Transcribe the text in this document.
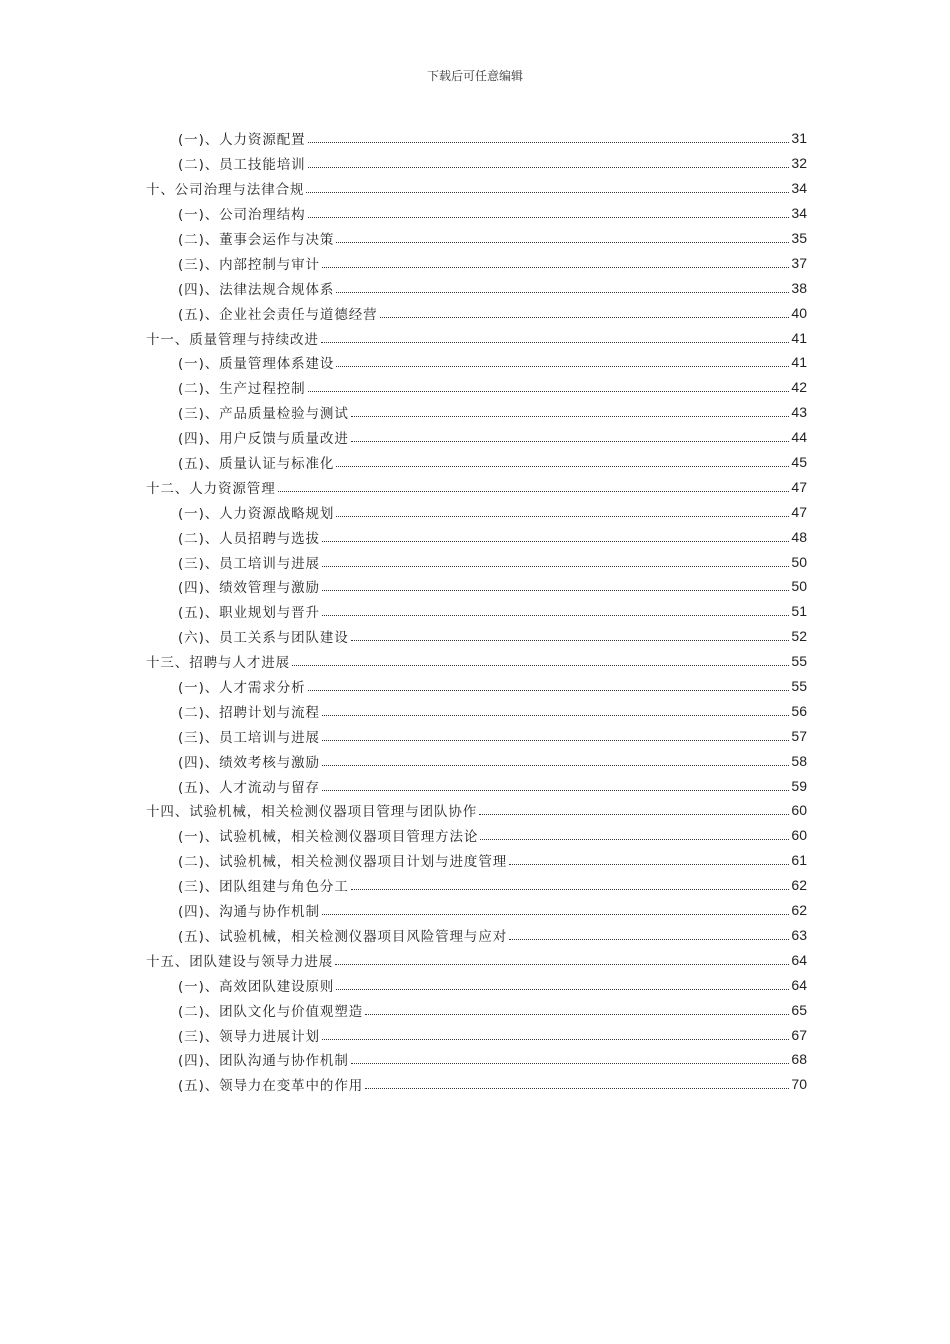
下载后可任意编辑
(一)、人力资源配置	31
(二)、员工技能培训	32
十、公司治理与法律合规	34
(一)、公司治理结构	34
(二)、董事会运作与决策	35
(三)、内部控制与审计	37
(四)、法律法规合规体系	38
(五)、企业社会责任与道德经营	40
十一、质量管理与持续改进	41
(一)、质量管理体系建设	41
(二)、生产过程控制	42
(三)、产品质量检验与测试	43
(四)、用户反馈与质量改进	44
(五)、质量认证与标准化	45
十二、人力资源管理	47
(一)、人力资源战略规划	47
(二)、人员招聘与选拔	48
(三)、员工培训与进展	50
(四)、绩效管理与激励	50
(五)、职业规划与晋升	51
(六)、员工关系与团队建设	52
十三、招聘与人才进展	55
(一)、人才需求分析	55
(二)、招聘计划与流程	56
(三)、员工培训与进展	57
(四)、绩效考核与激励	58
(五)、人才流动与留存	59
十四、试验机械，相关检测仪器项目管理与团队协作	60
(一)、试验机械，相关检测仪器项目管理方法论	60
(二)、试验机械，相关检测仪器项目计划与进度管理	61
(三)、团队组建与角色分工	62
(四)、沟通与协作机制	62
(五)、试验机械，相关检测仪器项目风险管理与应对	63
十五、团队建设与领导力进展	64
(一)、高效团队建设原则	64
(二)、团队文化与价值观塑造	65
(三)、领导力进展计划	67
(四)、团队沟通与协作机制	68
(五)、领导力在变革中的作用	70
